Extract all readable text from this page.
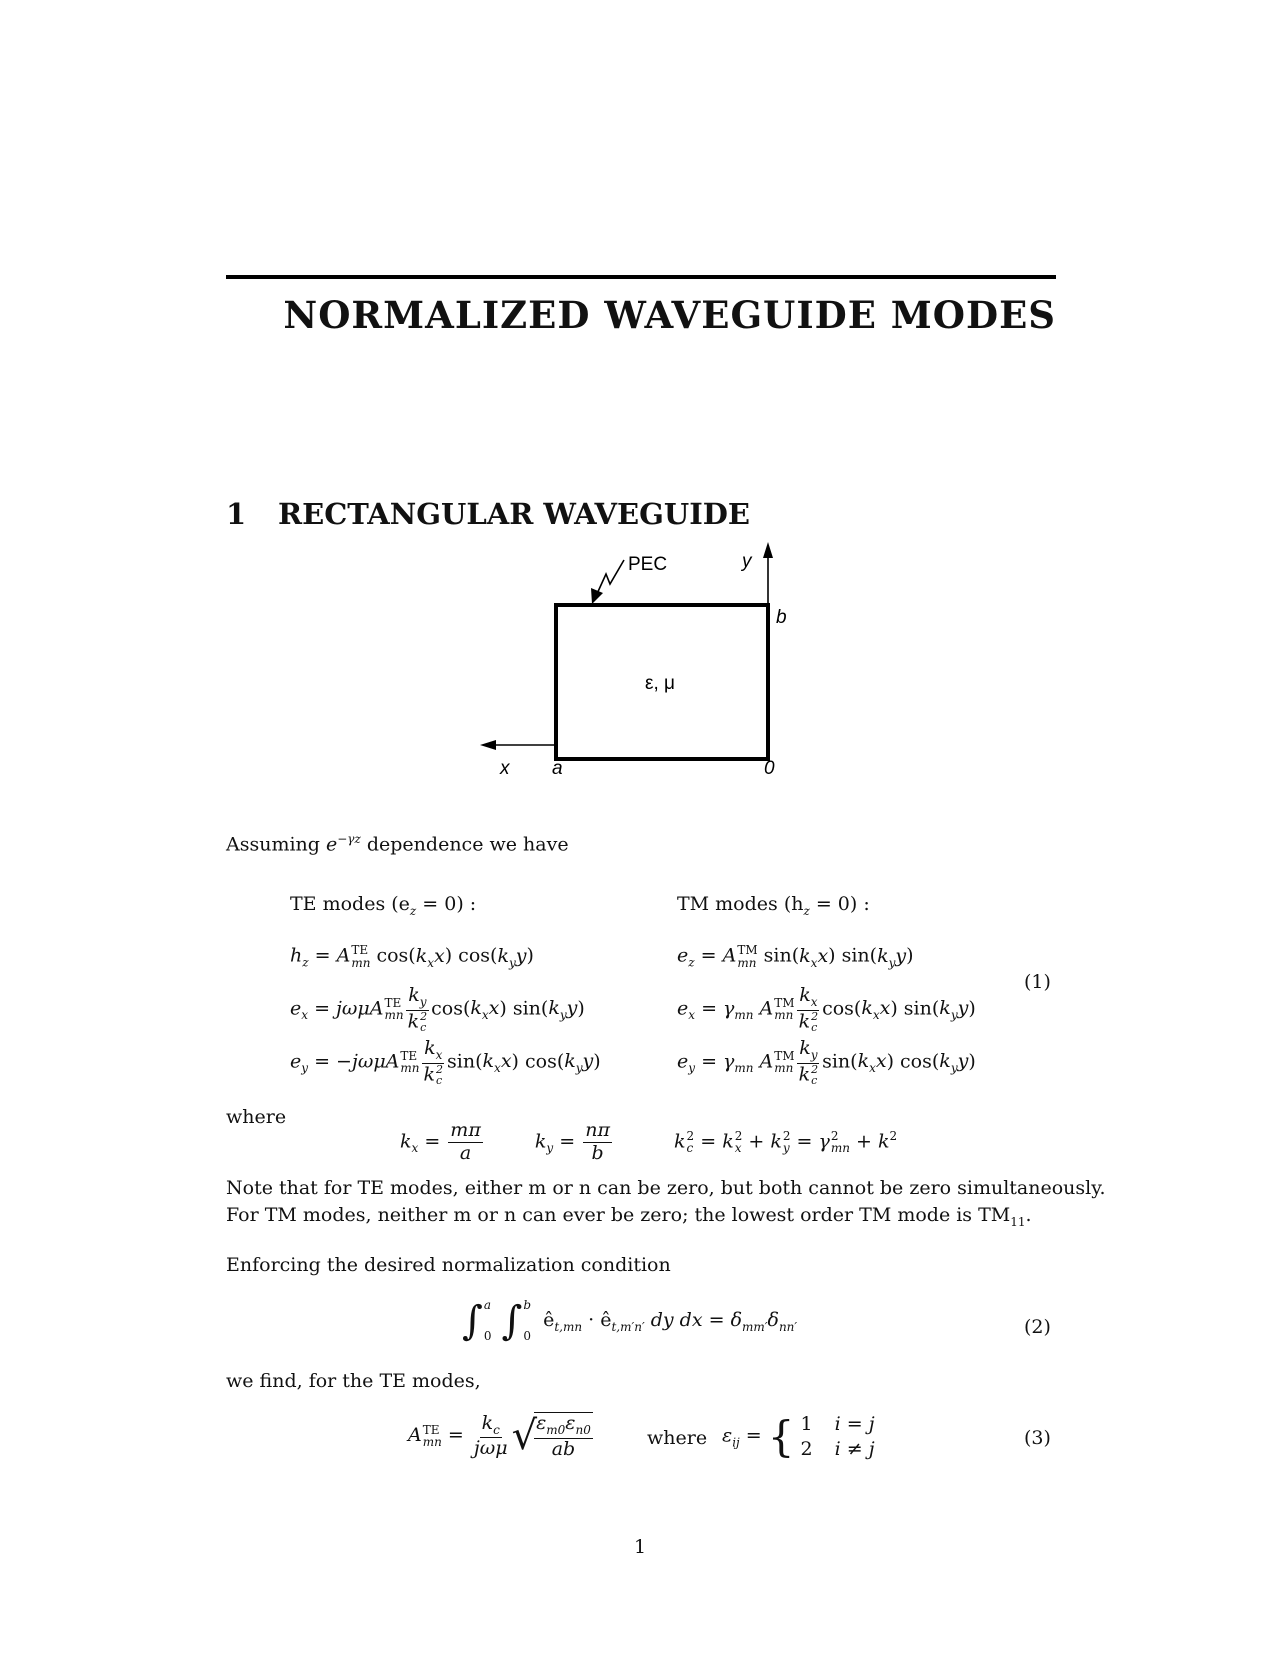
NORMALIZED WAVEGUIDE MODES
1 RECTANGULAR WAVEGUIDE
PEC	y
b
x a	0
ε, μ
Assuming $e^{-\gamma z}$ dependence we have
TE modes $(e_z = 0)$ :	TM modes $(h_z = 0)$ :
$h_z = A$ TE
mn $\cos(k_xx)$ $\cos(k_yy)$
$e_x = j\omega\mu A$ TE
mn $k_y$
k 2
c $\cos(k_xx)$ $\sin(k_yy)$
$e_y = -j\omega\mu A$ TE
mn $k_x$
k 2
c $\sin(k_xx)$ $\cos(k_yy)$
$e_z = A$ TM
mn $\sin(k_xx)$ $\sin(k_yy)$
$e_x = \gamma_{mn}$ A TM
mn $k_x$
k 2
c $\cos(k_xx)$ $\sin(k_yy)$
$e_y = \gamma_{mn}$ A TM
mn $k_y$
k 2
c $\sin(k_xx)$ $\cos(k_yy)$
(1)
where
$k_x = \frac{m\pi}{a}$	$k_y = \frac{n\pi}{b}$	k 2
c = k 2
x + k 2
y = γ 2
mn + $k^2$
Note that for TE modes, either m or n can be zero, but both cannot be zero simultaneously.
For TM modes, neither m or n can ever be zero; the lowest order TM mode is $TM_{11}$.
Enforcing the desired normalization condition
∫ a
0 ∫ b
0
$ê_{t,mn}$ · $ê_{t,m'n'}$ dy dx = $\delta_{mm'}\delta_{nn'}$	(2)
we find, for the TE modes,
A TE
mn = $\frac{k_c}{\text{jωμ}}$ √
$\frac{\varepsilon_{m0}\varepsilon_{n0}}{ab}$	where $\varepsilon_{ij}$ = { 1 i = j
2 i ≠ j	(3)
1
